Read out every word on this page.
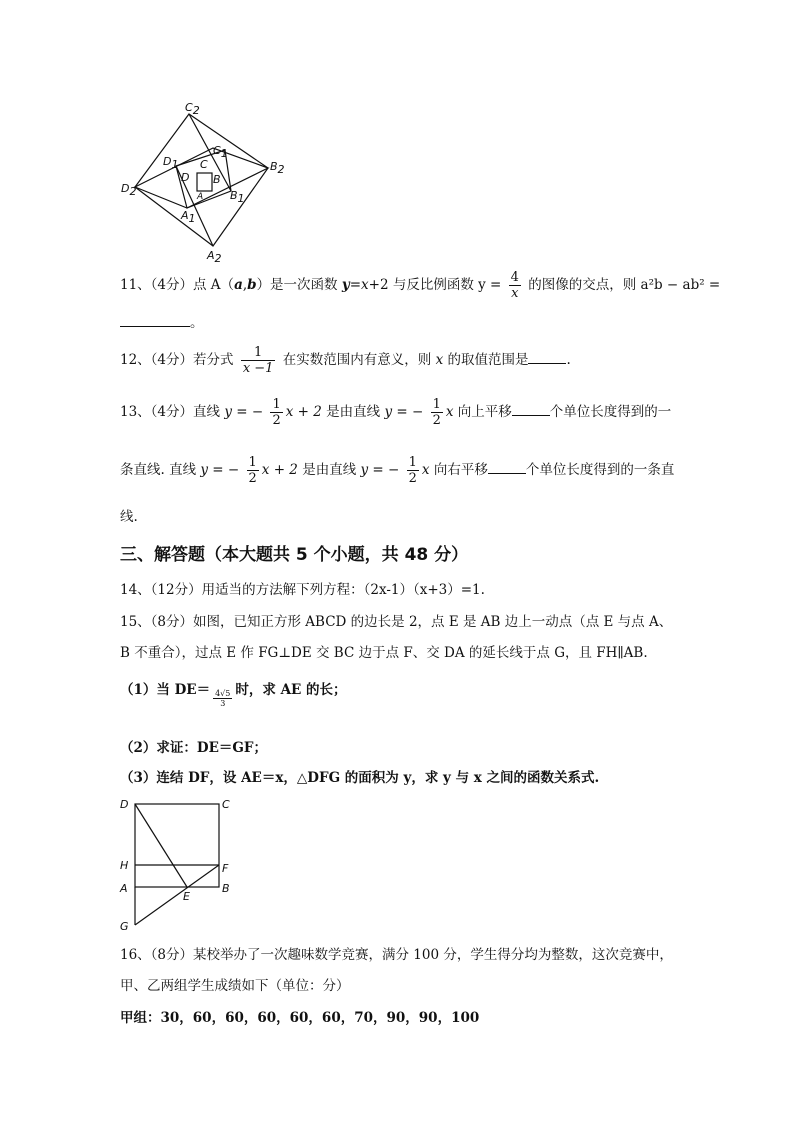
C2
C1
C
D1
D B
B2
D2	A B1
A1
A2
11、（4分）点 A（a,b）是一次函数 y=x+2 与反比例函数 $y = \frac{4}{x}$ 的图像的交点，则 a²b − ab² =
。
12、（4分）若分式 $\frac{1}{x -1}$ 在实数范围内有意义，则 x 的取值范围是	.
13、（4分）直线 y = − $\frac{1}{2}$ x + 2 是由直线 y = − $\frac{1}{2}$ x 向上平移	个单位长度得到的一
条直线. 直线 y = − $\frac{1}{2}$ x + 2 是由直线 y = − $\frac{1}{2}$ x 向右平移	个单位长度得到的一条直
线.
三、解答题（本大题共 5 个小题，共 48 分）
14、（12分）用适当的方法解下列方程：（2x-1）（x+3）=1.
15、（8分）如图，已知正方形 ABCD 的边长是 2，点 E 是 AB 边上一动点（点 E 与点 A、
B 不重合），过点 E 作 FG⊥DE 交 BC 边于点 F、交 DA 的延长线于点 G，且 FH∥AB.
（1）当 $DE= \frac{4√5}{3}$ 时，求 AE 的长；
（2）求证：DE＝GF；
（3）连结 DF，设 AE＝x，△DFG 的面积为 y，求 y 与 x 之间的函数关系式.
D	C
H	F
A	B
E
G
16、（8分）某校举办了一次趣味数学竞赛，满分 100 分，学生得分均为整数，这次竞赛中，
甲、乙两组学生成绩如下（单位：分）
甲组：30，60，60，60，60，60，70，90，90，100
